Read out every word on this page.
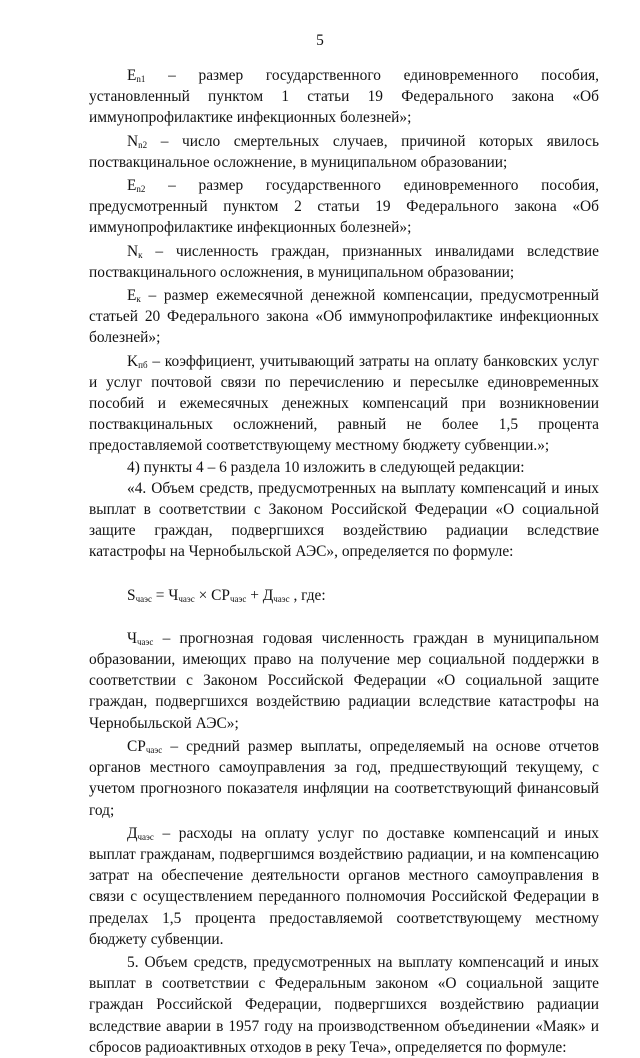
5

$E_{n1}$ – размер государственного единовременного пособия, установленный пунктом 1 статьи 19 Федерального закона «Об иммунопрофилактике инфекционных болезней»;

$N_{n2}$ – число смертельных случаев, причиной которых явилось поствакцинальное осложнение, в муниципальном образовании;

$E_{n2}$ – размер государственного единовременного пособия, предусмотренный пунктом 2 статьи 19 Федерального закона «Об иммунопрофилактике инфекционных болезней»;

$N_к$ – численность граждан, признанных инвалидами вследствие поствакцинального осложнения, в муниципальном образовании;

$E_к$ – размер ежемесячной денежной компенсации, предусмотренный статьей 20 Федерального закона «Об иммунопрофилактике инфекционных болезней»;

$K_{пб}$ – коэффициент, учитывающий затраты на оплату банковских услуг и услуг почтовой связи по перечислению и пересылке единовременных пособий и ежемесячных денежных компенсаций при возникновении поствакцинальных осложнений, равный не более 1,5 процента предоставляемой соответствующему местному бюджету субвенции.»;

4) пункты 4 – 6 раздела 10 изложить в следующей редакции:

«4. Объем средств, предусмотренных на выплату компенсаций и иных выплат в соответствии с Законом Российской Федерации «О социальной защите граждан, подвергшихся воздействию радиации вследствие катастрофы на Чернобыльской АЭС», определяется по формуле:

$S_{чаэс} = Ч_{чаэс} \times СР_{чаэс} + Д_{чаэс}$ , где:

$Ч_{чаэс}$ – прогнозная годовая численность граждан в муниципальном образовании, имеющих право на получение мер социальной поддержки в соответствии с Законом Российской Федерации «О социальной защите граждан, подвергшихся воздействию радиации вследствие катастрофы на Чернобыльской АЭС»;

$СР_{чаэс}$ – средний размер выплаты, определяемый на основе отчетов органов местного самоуправления за год, предшествующий текущему, с учетом прогнозного показателя инфляции на соответствующий финансовый год;

$Д_{чаэс}$ – расходы на оплату услуг по доставке компенсаций и иных выплат гражданам, подвергшимся воздействию радиации, и на компенсацию затрат на обеспечение деятельности органов местного самоуправления в связи с осуществлением переданного полномочия Российской Федерации в пределах 1,5 процента предоставляемой соответствующему местному бюджету субвенции.

5. Объем средств, предусмотренных на выплату компенсаций и иных выплат в соответствии с Федеральным законом «О социальной защите граждан Российской Федерации, подвергшихся воздействию радиации вследствие аварии в 1957 году на производственном объединении «Маяк» и сбросов радиоактивных отходов в реку Теча», определяется по формуле:
